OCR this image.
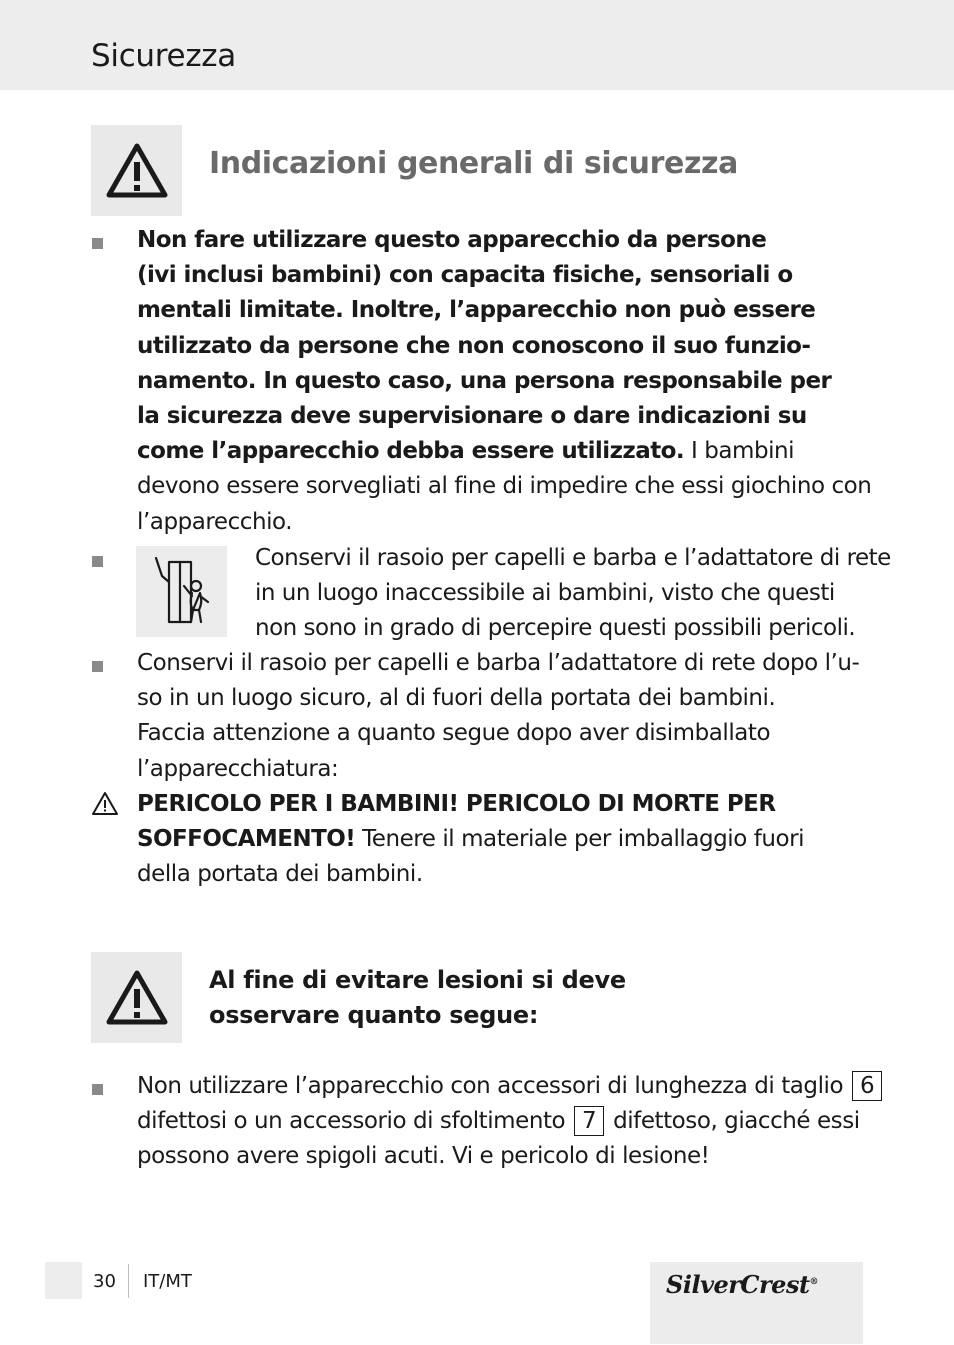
Sicurezza
Indicazioni generali di sicurezza
Non fare utilizzare questo apparecchio da persone
(ivi inclusi bambini) con capacita fisiche, sensoriali o
mentali limitate. Inoltre, l’apparecchio non può essere
utilizzato da persone che non conoscono il suo funzio-
namento. In questo caso, una persona responsabile per
la sicurezza deve supervisionare o dare indicazioni su
come l’apparecchio debba essere utilizzato. I bambini
devono essere sorvegliati al fine di impedire che essi giochino con
l’apparecchio.
Conservi il rasoio per capelli e barba e l’adattatore di rete
in un luogo inaccessibile ai bambini, visto che questi
non sono in grado di percepire questi possibili pericoli.
Conservi il rasoio per capelli e barba l’adattatore di rete dopo l’u-
so in un luogo sicuro, al di fuori della portata dei bambini.
Faccia attenzione a quanto segue dopo aver disimballato
l’apparecchiatura:
PERICOLO PER I BAMBINI! PERICOLO DI MORTE PER
SOFFOCAMENTO! Tenere il materiale per imballaggio fuori
della portata dei bambini.
Al fine di evitare lesioni si deve
osservare quanto segue:
Non utilizzare l’apparecchio con accessori di lunghezza di taglio 6
difettosi o un accessorio di sfoltimento 7 difettoso, giacché essi
possono avere spigoli acuti. Vi e pericolo di lesione!
30 IT/MT	SilverCrest®
